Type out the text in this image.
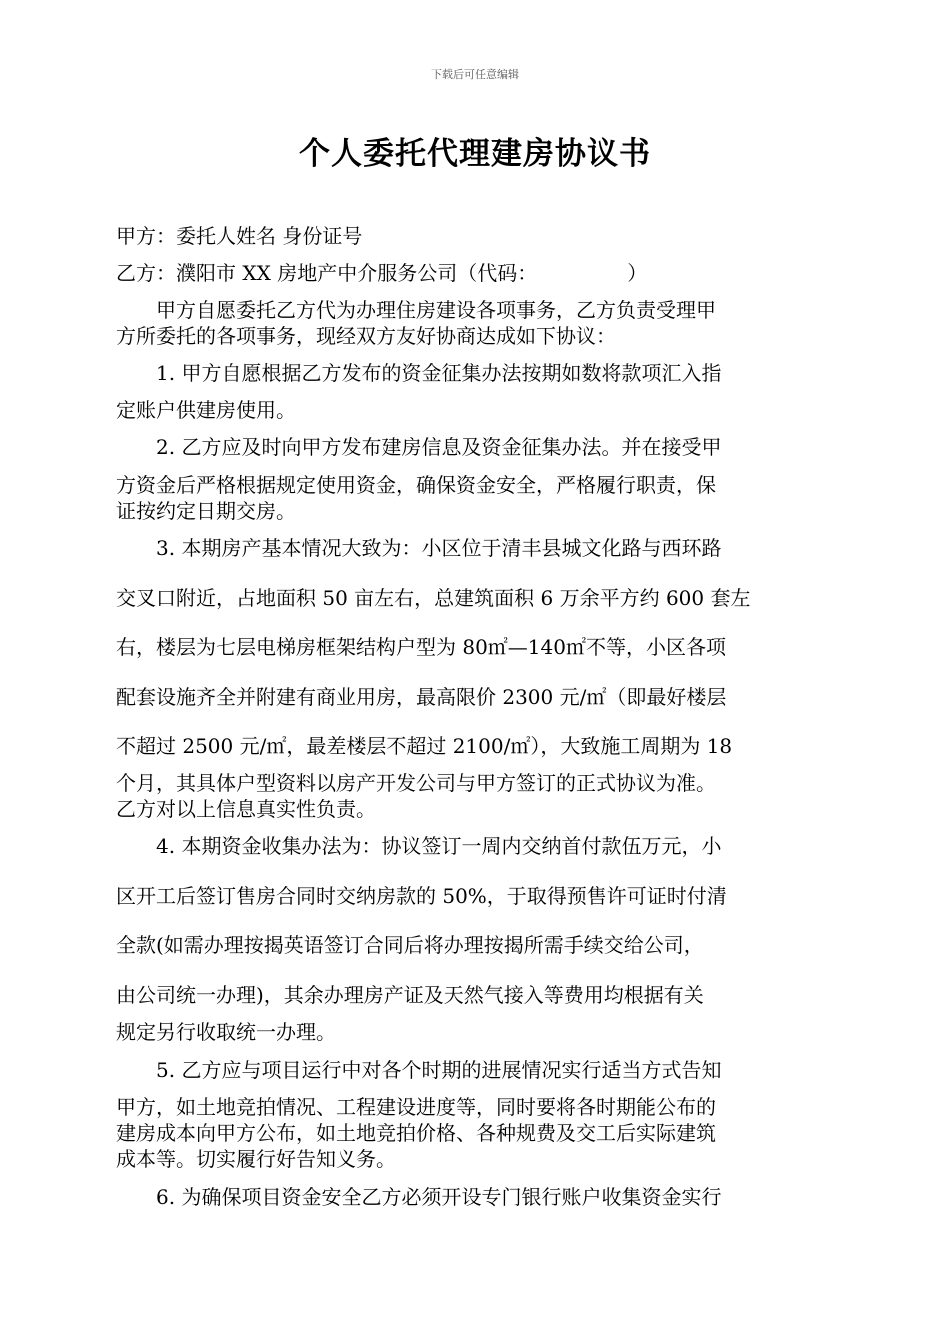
下载后可任意编辑
个人委托代理建房协议书

甲方：委托人姓名 身份证号

乙方：濮阳市 XX 房地产中介服务公司（代码：　　　　　）

　　甲方自愿委托乙方代为办理住房建设各项事务，乙方负责受理甲

方所委托的各项事务，现经双方友好协商达成如下协议：

　　1. 甲方自愿根据乙方发布的资金征集办法按期如数将款项汇入指

定账户供建房使用。

　　2. 乙方应及时向甲方发布建房信息及资金征集办法。并在接受甲

方资金后严格根据规定使用资金，确保资金安全，严格履行职责，保

证按约定日期交房。

　　3. 本期房产基本情况大致为：小区位于清丰县城文化路与西环路

交叉口附近，占地面积 50 亩左右，总建筑面积 6 万余平方约 600 套左

右，楼层为七层电梯房框架结构户型为 80㎡—140㎡不等，小区各项

配套设施齐全并附建有商业用房，最高限价 2300 元/㎡（即最好楼层

不超过 2500 元/㎡，最差楼层不超过 2100/㎡），大致施工周期为 18

个月，其具体户型资料以房产开发公司与甲方签订的正式协议为准。

乙方对以上信息真实性负责。

　　4. 本期资金收集办法为：协议签订一周内交纳首付款伍万元，小

区开工后签订售房合同时交纳房款的 50%，于取得预售许可证时付清

全款(如需办理按揭英语签订合同后将办理按揭所需手续交给公司，

由公司统一办理)，其余办理房产证及天然气接入等费用均根据有关

规定另行收取统一办理。

　　5. 乙方应与项目运行中对各个时期的进展情况实行适当方式告知

甲方，如土地竞拍情况、工程建设进度等，同时要将各时期能公布的

建房成本向甲方公布，如土地竞拍价格、各种规费及交工后实际建筑

成本等。切实履行好告知义务。

　　6. 为确保项目资金安全乙方必须开设专门银行账户收集资金实行
